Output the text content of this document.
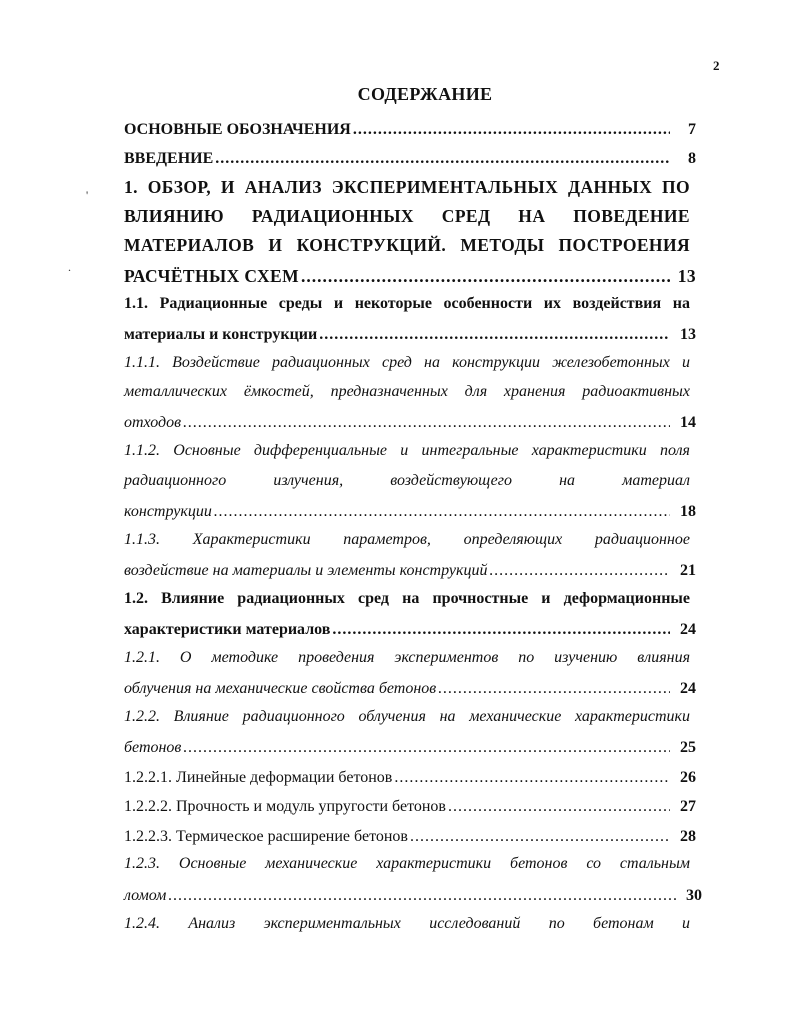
2
СОДЕРЖАНИЕ
ОСНОВНЫЕ ОБОЗНАЧЕНИЯ .....	7
ВВЕДЕНИЕ .....	8
1. ОБЗОР, И АНАЛИЗ ЭКСПЕРИМЕНТАЛЬНЫХ ДАННЫХ ПО
ВЛИЯНИЮ РАДИАЦИОННЫХ СРЕД НА ПОВЕДЕНИЕ
МАТЕРИАЛОВ И КОНСТРУКЦИЙ. МЕТОДЫ ПОСТРОЕНИЯ
РАСЧЁТНЫХ СХЕМ .....	13
1.1. Радиационные среды и некоторые особенности их воздействия на
материалы и конструкции .....	13
1.1.1. Воздействие радиационных сред на конструкции железобетонных и
металлических ёмкостей, предназначенных для хранения радиоактивных
отходов .....	14
1.1.2. Основные дифференциальные и интегральные характеристики поля
радиационного излучения, воздействующего на материал
конструкции .....	18
1.1.3. Характеристики параметров, определяющих радиационное
воздействие на материалы и элементы конструкций .....	21
1.2. Влияние радиационных сред на прочностные и деформационные
характеристики материалов .....	24
1.2.1. О методике проведения экспериментов по изучению влияния
облучения на механические свойства бетонов .....	24
1.2.2. Влияние радиационного облучения на механические характеристики
бетонов .....	25
1.2.2.1. Линейные деформации бетонов .....	26
1.2.2.2. Прочность и модуль упругости бетонов .....	27
1.2.2.3. Термическое расширение бетонов .....	28
1.2.3. Основные механические характеристики бетонов со стальным
ломом .....	30
1.2.4. Анализ экспериментальных исследований по бетонам и
'
.
